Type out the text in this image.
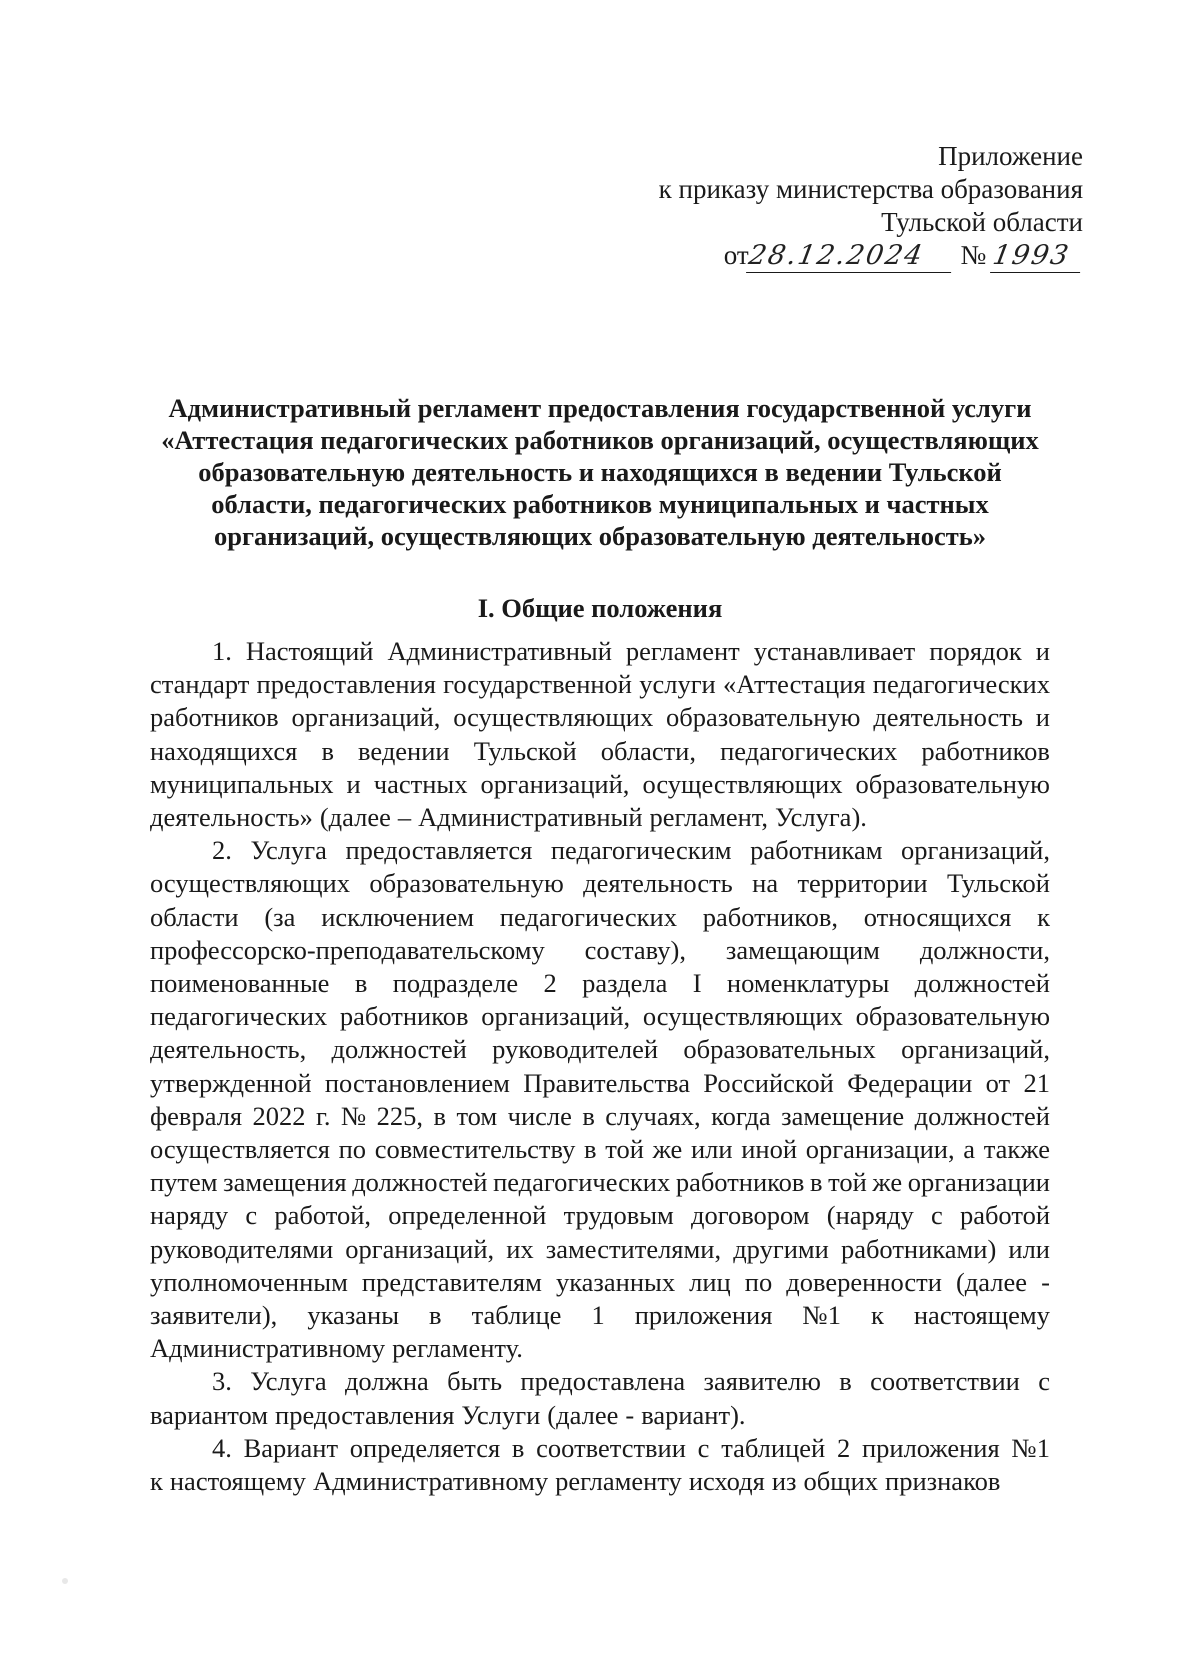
Приложение
к приказу министерства образования
Тульской области
от28.12.2024 № 1993
Административный регламент предоставления государственной услуги
«Аттестация педагогических работников организаций, осуществляющих
образовательную деятельность и находящихся в ведении Тульской
области, педагогических работников муниципальных и частных
организаций, осуществляющих образовательную деятельность»
I. Общие положения
1. Настоящий Административный регламент устанавливает порядок и
стандарт предоставления государственной услуги «Аттестация педагогических
работников организаций, осуществляющих образовательную деятельность и
находящихся в ведении Тульской области, педагогических работников
муниципальных и частных организаций, осуществляющих образовательную
деятельность» (далее – Административный регламент, Услуга).
2. Услуга предоставляется педагогическим работникам организаций,
осуществляющих образовательную деятельность на территории Тульской
области (за исключением педагогических работников, относящихся к
профессорско-преподавательскому составу), замещающим должности,
поименованные в подразделе 2 раздела I номенклатуры должностей
педагогических работников организаций, осуществляющих образовательную
деятельность, должностей руководителей образовательных организаций,
утвержденной постановлением Правительства Российской Федерации от 21
февраля 2022 г. № 225, в том числе в случаях, когда замещение должностей
осуществляется по совместительству в той же или иной организации, а также
путем замещения должностей педагогических работников в той же организации
наряду с работой, определенной трудовым договором (наряду с работой
руководителями организаций, их заместителями, другими работниками) или
уполномоченным представителям указанных лиц по доверенности (далее -
заявители), указаны в таблице 1 приложения №1 к настоящему
Административному регламенту.
3. Услуга должна быть предоставлена заявителю в соответствии с
вариантом предоставления Услуги (далее - вариант).
4. Вариант определяется в соответствии с таблицей 2 приложения №1
к настоящему Административному регламенту исходя из общих признаков
